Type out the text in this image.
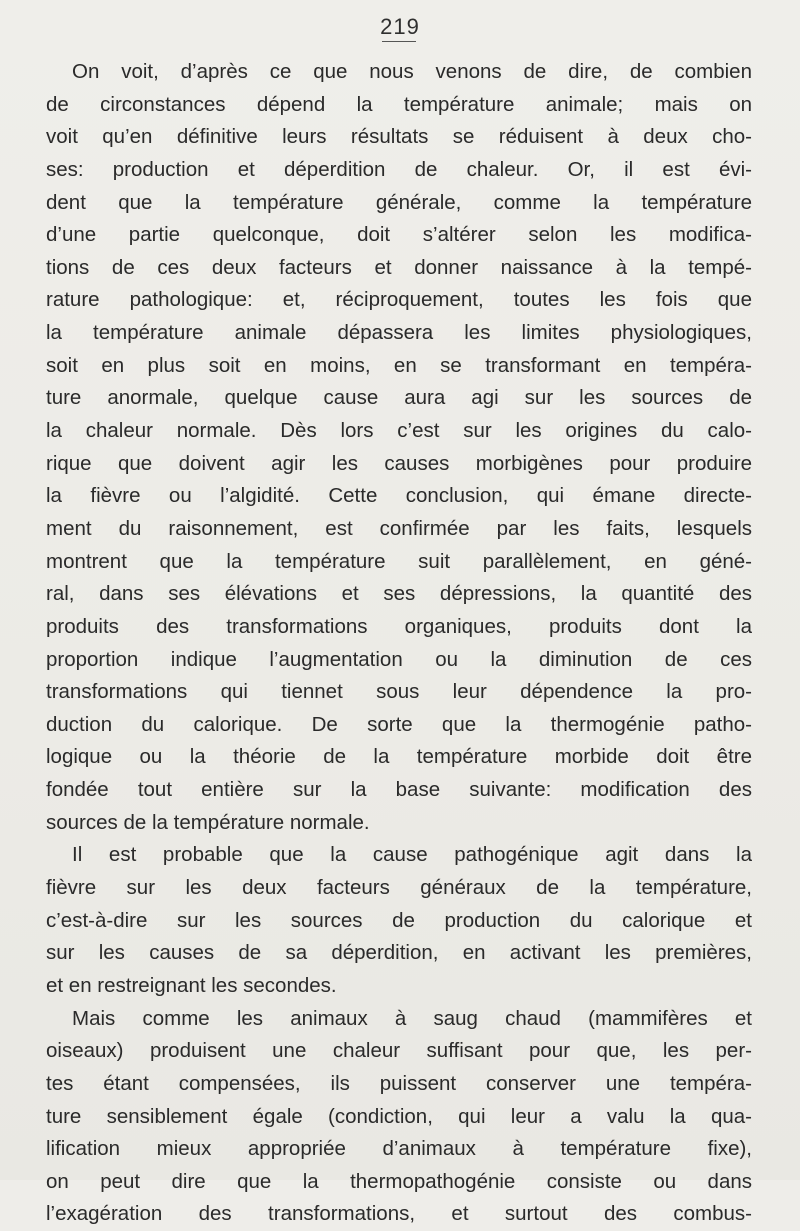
219
On voit, d’après ce que nous venons de dire, de combien
de circonstances dépend la température animale; mais on
voit qu’en définitive leurs résultats se réduisent à deux cho-
ses: production et déperdition de chaleur. Or, il est évi-
dent que la température générale, comme la température
d’une partie quelconque, doit s’altérer selon les modifica-
tions de ces deux facteurs et donner naissance à la tempé-
rature pathologique: et, réciproquement, toutes les fois que
la température animale dépassera les limites physiologiques,
soit en plus soit en moins, en se transformant en tempéra-
ture anormale, quelque cause aura agi sur les sources de
la chaleur normale. Dès lors c’est sur les origines du calo-
rique que doivent agir les causes morbigènes pour produire
la fièvre ou l’algidité. Cette conclusion, qui émane directe-
ment du raisonnement, est confirmée par les faits, lesquels
montrent que la température suit parallèlement, en géné-
ral, dans ses élévations et ses dépressions, la quantité des
produits des transformations organiques, produits dont la
proportion indique l’augmentation ou la diminution de ces
transformations qui tiennet sous leur dépendence la pro-
duction du calorique. De sorte que la thermogénie patho-
logique ou la théorie de la température morbide doit être
fondée tout entière sur la base suivante: modification des
sources de la température normale.
Il est probable que la cause pathogénique agit dans la
fièvre sur les deux facteurs généraux de la température,
c’est-à-dire sur les sources de production du calorique et
sur les causes de sa déperdition, en activant les premières,
et en restreignant les secondes.
Mais comme les animaux à saug chaud (mammifères et
oiseaux) produisent une chaleur suffisant pour que, les per-
tes étant compensées, ils puissent conserver une tempéra-
ture sensiblement égale (condiction, qui leur a valu la qua-
lification mieux appropriée d’animaux à température fixe),
on peut dire que la thermopathogénie consiste ou dans
l’exagération des transformations, et surtout des combus-
